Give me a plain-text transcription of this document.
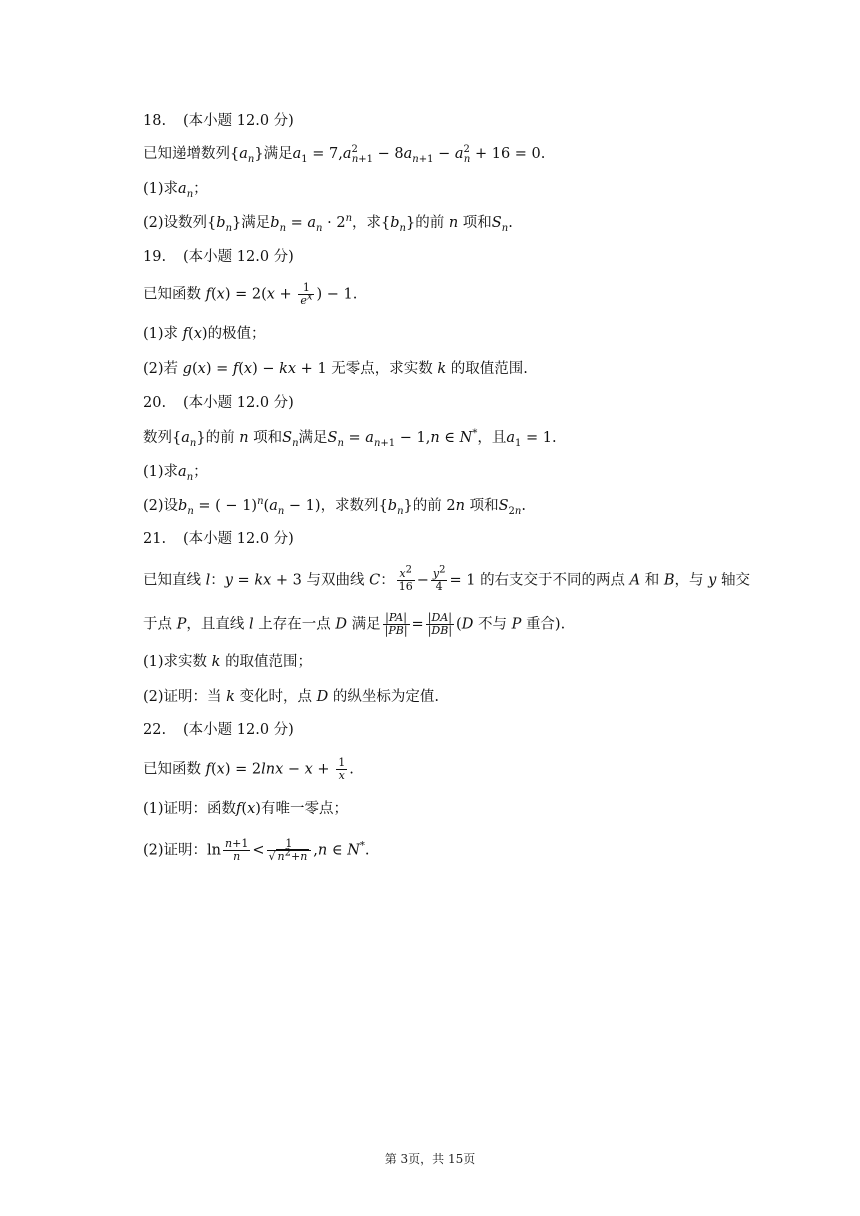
18. (本小题 12.0 分)
已知递增数列$\{a_n\}$满足$a_1 = 7,a^2_{n+1} - 8a_{n+1} - a^2_n + 16 = 0$.
(1)求$a_n$；
(2)设数列$\{b_n\}$满足$b_n = a_n \cdot 2^n$，求$\{b_n\}$的前 n 项和$S_n$.
19. (本小题 12.0 分)
已知函数 $f(x) = 2(x + \frac{1}{e^x}$ ) − 1.
(1)求 f(x)的极值；
(2)若 g(x) = f(x) − kx + 1 无零点，求实数 k 的取值范围.
20. (本小题 12.0 分)
数列$\{a_n\}$的前 n 项和$S_n$满足$S_n = a_{n+1} - 1,n$ ∈ N*，且$a_1 = 1$.
(1)求$a_n$；
(2)设$b_n$ = ( − $1)^n(a_n - 1)$，求数列$\{b_n\}$的前 2n 项和$S_{2n}$.
21. (本小题 12.0 分)
已知直线 l：y = kx + 3 与双曲线 C： $\frac{x^2}{16} - \frac{y^2}{4} = 1$ 的右支交于不同的两点 A 和 B，与 y 轴交
于点 P，且直线 l 上存在一点 D 满足 $\frac{|PA|}{|PB|} = \frac{|DA|}{|DB|} (D$ 不与 P 重合).
(1)求实数 k 的取值范围；
(2)证明：当 k 变化时，点 D 的纵坐标为定值.
22. (本小题 12.0 分)
已知函数 $f(x) = 2\ln x - x + \frac{1}{x}$ .
(1)证明：函数f(x)有唯一零点；
(2)证明：$\ln \frac{n+1}{n} < \frac{1}{√ n^2+n} ,n$ ∈ N*.
第 3页，共 15页
